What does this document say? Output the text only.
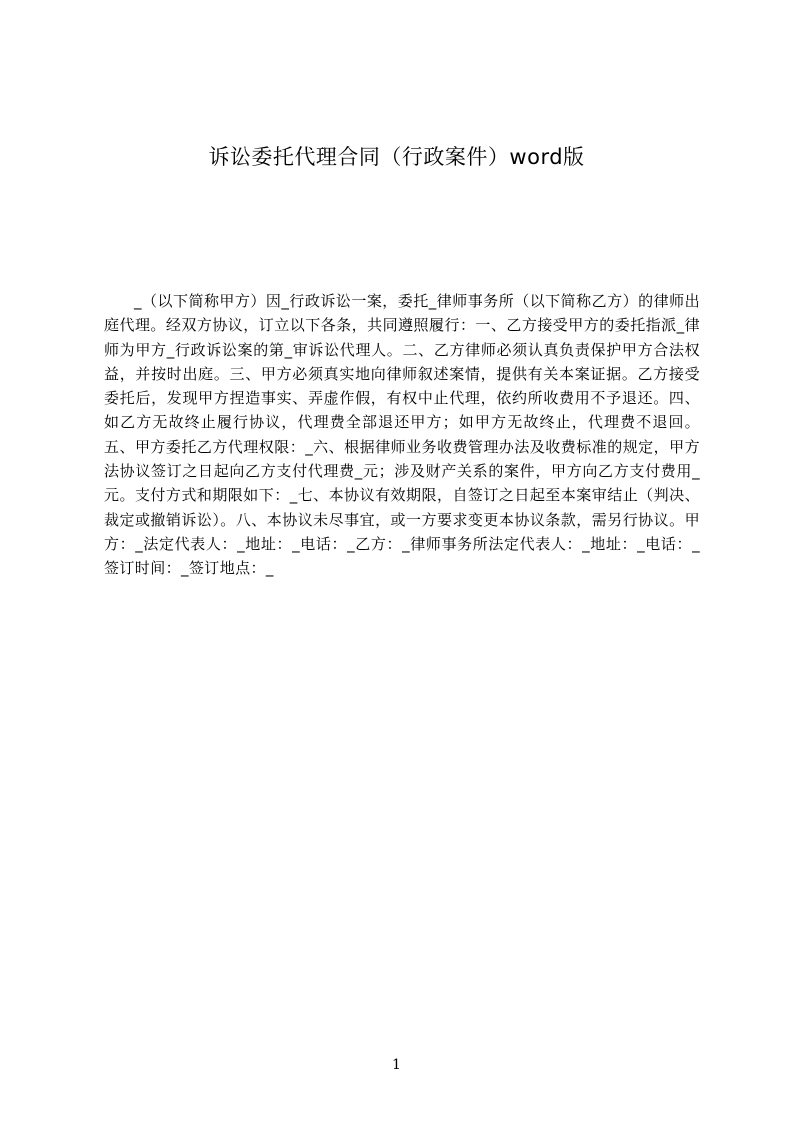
诉讼委托代理合同（行政案件）word版

_（以下简称甲方）因_行政诉讼一案，委托_律师事务所（以下简称乙方）的律师出庭代理。经双方协议，订立以下各条，共同遵照履行：一、乙方接受甲方的委托指派_律师为甲方_行政诉讼案的第_审诉讼代理人。二、乙方律师必须认真负责保护甲方合法权益，并按时出庭。三、甲方必须真实地向律师叙述案情，提供有关本案证据。乙方接受委托后，发现甲方捏造事实、弄虚作假，有权中止代理，依约所收费用不予退还。四、如乙方无故终止履行协议，代理费全部退还甲方；如甲方无故终止，代理费不退回。五、甲方委托乙方代理权限：_六、根据律师业务收费管理办法及收费标准的规定，甲方法协议签订之日起向乙方支付代理费_元；涉及财产关系的案件，甲方向乙方支付费用_元。支付方式和期限如下：_七、本协议有效期限，自签订之日起至本案审结止（判决、裁定或撤销诉讼）。八、本协议未尽事宜，或一方要求变更本协议条款，需另行协议。甲方：_法定代表人：_地址：_电话：_乙方：_律师事务所法定代表人：_地址：_电话：_签订时间：_签订地点：_

1
